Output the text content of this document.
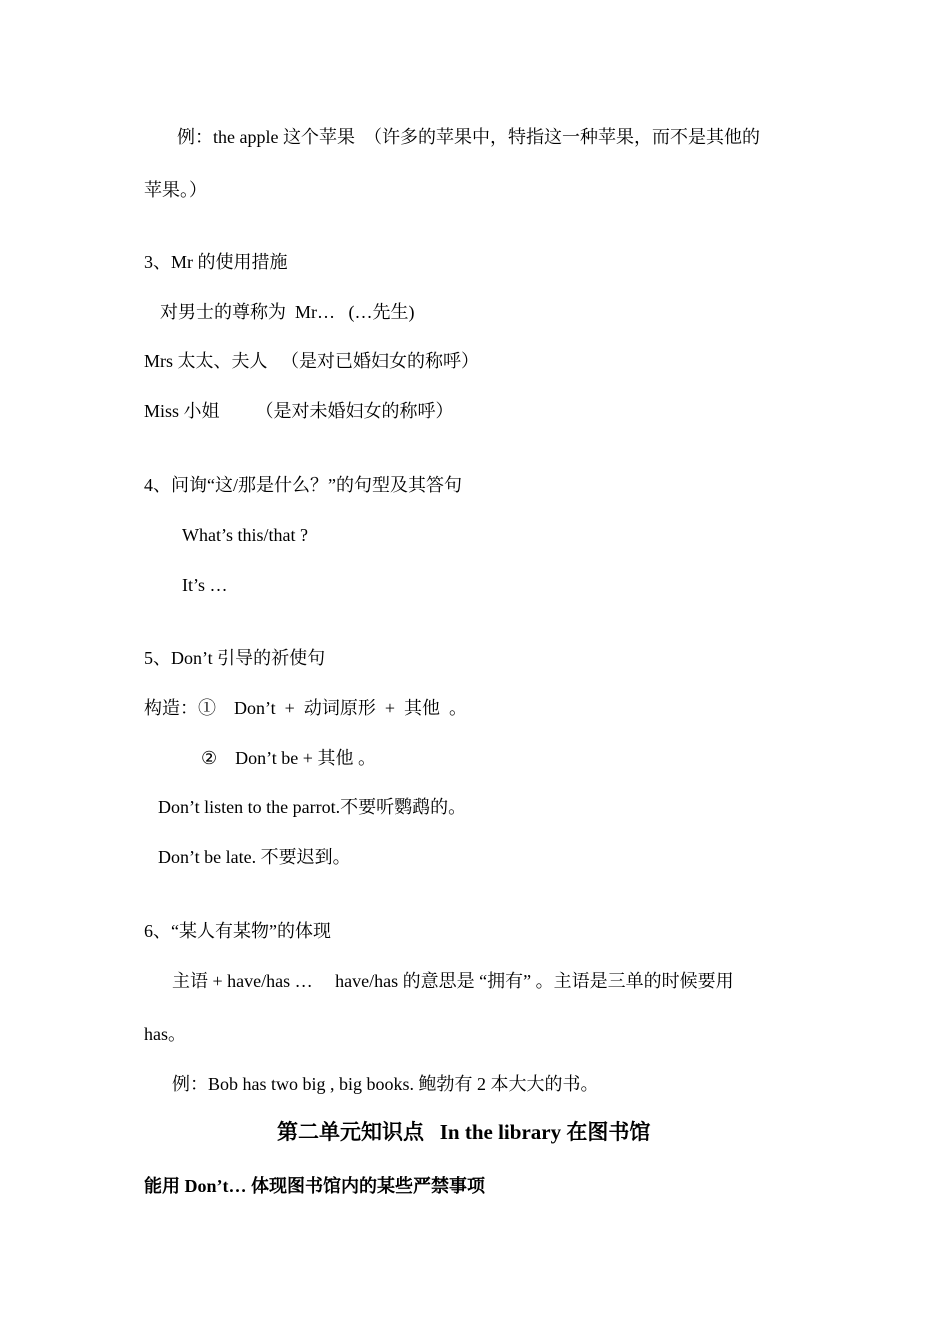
例：the apple 这个苹果  （许多的苹果中，特指这一种苹果，而不是其他的
苹果。）
3、Mr 的使用措施
对男士的尊称为  Mr…   (…先生)
Mrs 太太、夫人   （是对已婚妇女的称呼）
Miss 小姐        （是对未婚妇女的称呼）
4、问询“这/那是什么？”的句型及其答句
What’s this/that ?
It’s …
5、Don’t 引导的祈使句
构造：①    Don’t  +  动词原形  +  其他  。
②    Don’t be + 其他 。
Don’t listen to the parrot.不要听鹦鹉的。
Don’t be late. 不要迟到。
6、“某人有某物”的体现
主语 + have/has …     have/has 的意思是 “拥有” 。主语是三单的时候要用
has。
例：Bob has two big , big books. 鲍勃有 2 本大大的书。
第二单元知识点   In the library 在图书馆
能用 Don’t… 体现图书馆内的某些严禁事项
